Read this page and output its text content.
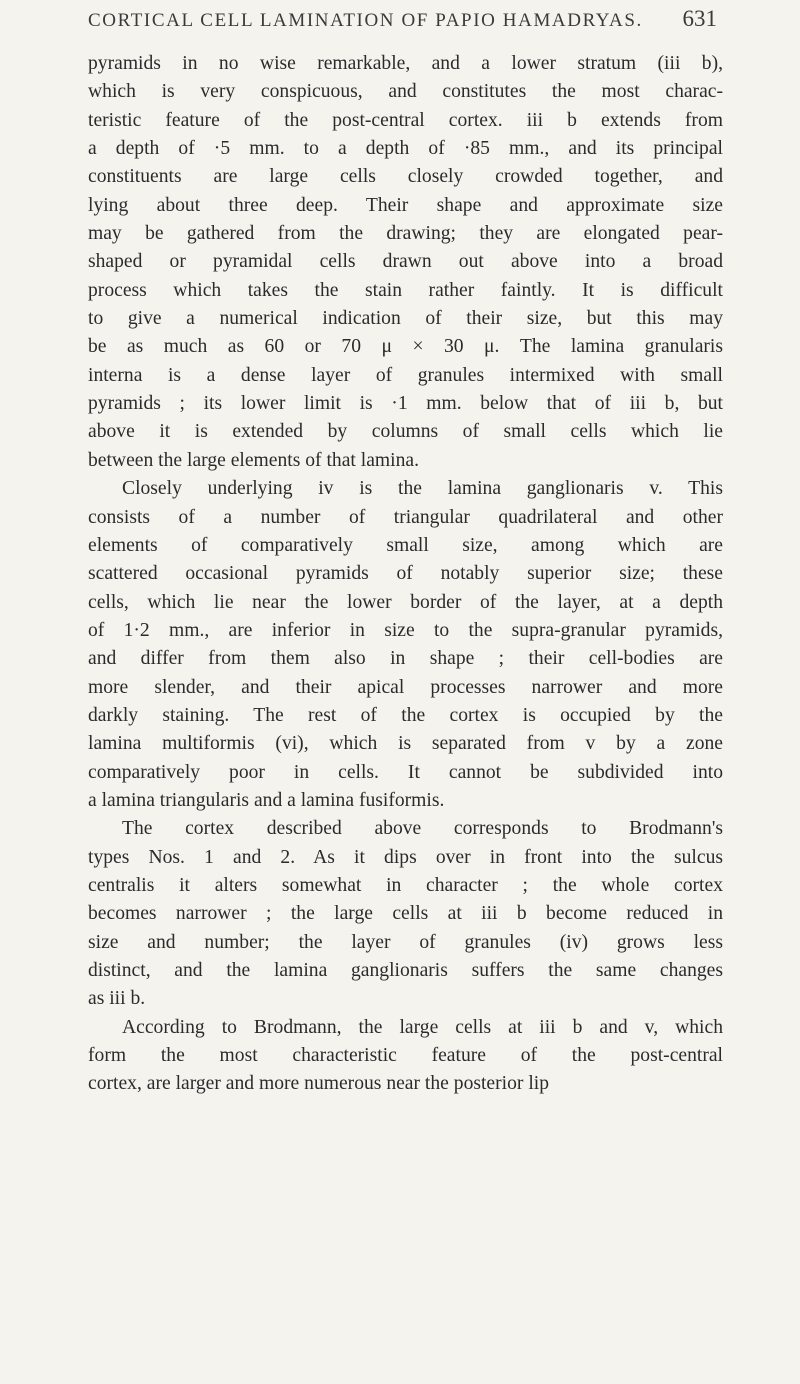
CORTICAL CELL LAMINATION OF PAPIO HAMADRYAS. 631
pyramids in no wise remarkable, and a lower stratum (iii b),
which is very conspicuous, and constitutes the most charac-
teristic feature of the post-central cortex. iii b extends from
a depth of ·5 mm. to a depth of ·85 mm., and its principal
constituents are large cells closely crowded together, and
lying about three deep. Their shape and approximate size
may be gathered from the drawing; they are elongated pear-
shaped or pyramidal cells drawn out above into a broad
process which takes the stain rather faintly. It is difficult
to give a numerical indication of their size, but this may
be as much as 60 or 70 μ × 30 μ. The lamina granularis
interna is a dense layer of granules intermixed with small
pyramids ; its lower limit is ·1 mm. below that of iii b, but
above it is extended by columns of small cells which lie
between the large elements of that lamina.
Closely underlying iv is the lamina ganglionaris v. This
consists of a number of triangular quadrilateral and other
elements of comparatively small size, among which are
scattered occasional pyramids of notably superior size; these
cells, which lie near the lower border of the layer, at a depth
of 1·2 mm., are inferior in size to the supra-granular pyramids,
and differ from them also in shape ; their cell-bodies are
more slender, and their apical processes narrower and more
darkly staining. The rest of the cortex is occupied by the
lamina multiformis (vi), which is separated from v by a zone
comparatively poor in cells. It cannot be subdivided into
a lamina triangularis and a lamina fusiformis.
The cortex described above corresponds to Brodmann's
types Nos. 1 and 2. As it dips over in front into the sulcus
centralis it alters somewhat in character ; the whole cortex
becomes narrower ; the large cells at iii b become reduced in
size and number; the layer of granules (iv) grows less
distinct, and the lamina ganglionaris suffers the same changes
as iii b.
According to Brodmann, the large cells at iii b and v, which
form the most characteristic feature of the post-central
cortex, are larger and more numerous near the posterior lip
